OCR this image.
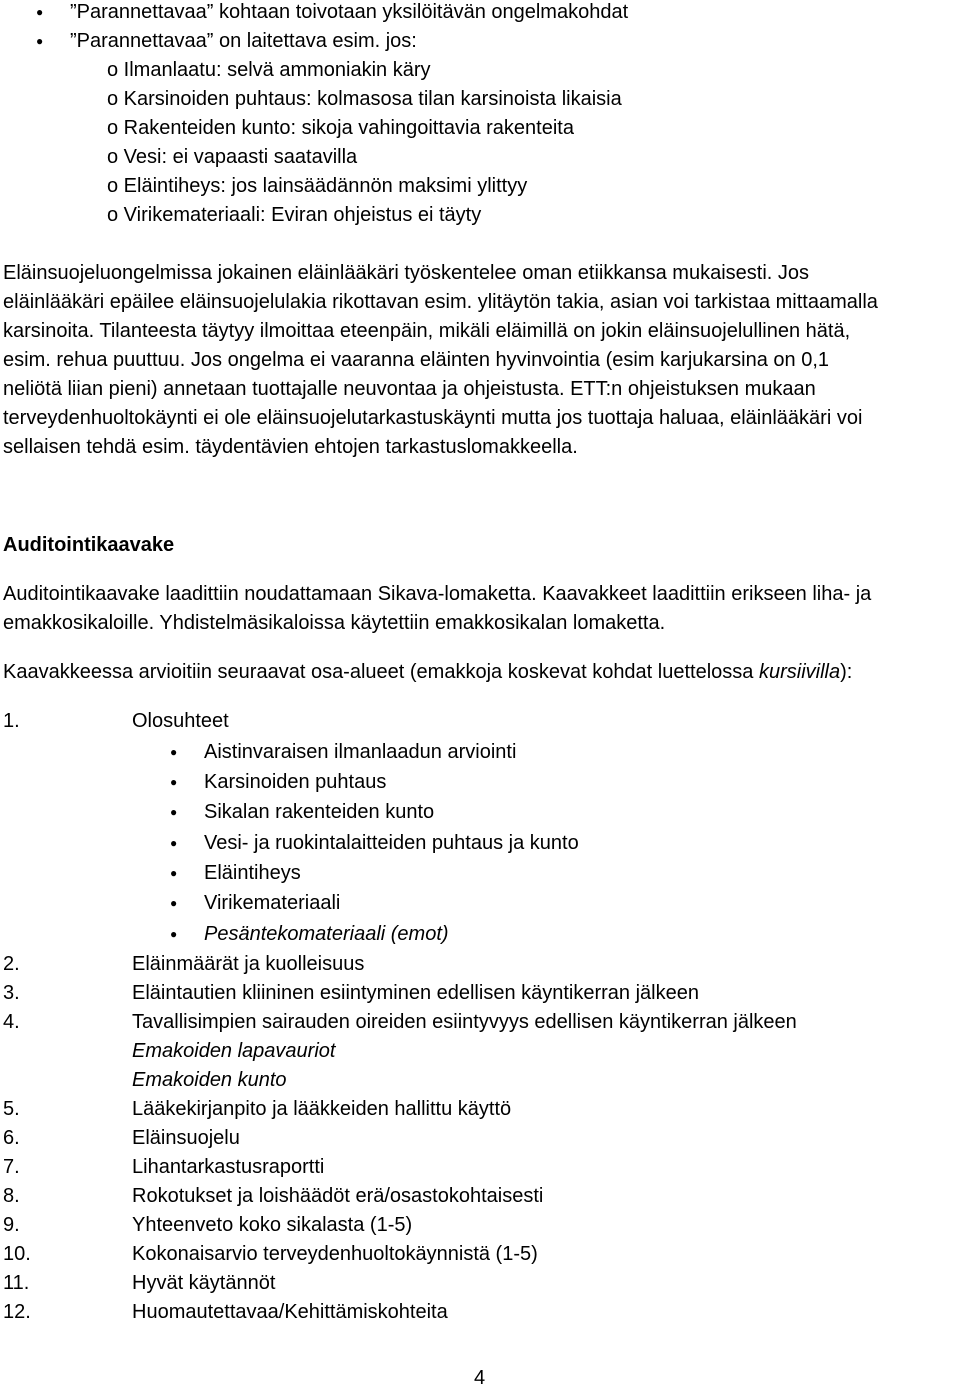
● ”Parannettavaa” kohtaan toivotaan yksilöitävän ongelmakohdat
● ”Parannettavaa” on laitettava esim. jos:
o Ilmanlaatu: selvä ammoniakin käry
o Karsinoiden puhtaus: kolmasosa tilan karsinoista likaisia
o Rakenteiden kunto: sikoja vahingoittavia rakenteita
o Vesi: ei vapaasti saatavilla
o Eläintiheys: jos lainsäädännön maksimi ylittyy
o Virikemateriaali: Eviran ohjeistus ei täyty
Eläinsuojeluongelmissa jokainen eläinlääkäri työskentelee oman etiikkansa mukaisesti. Jos
eläinlääkäri epäilee eläinsuojelulakia rikottavan esim. ylitäytön takia, asian voi tarkistaa mittaamalla
karsinoita. Tilanteesta täytyy ilmoittaa eteenpäin, mikäli eläimillä on jokin eläinsuojelullinen hätä,
esim. rehua puuttuu. Jos ongelma ei vaaranna eläinten hyvinvointia (esim karjukarsina on 0,1
neliötä liian pieni) annetaan tuottajalle neuvontaa ja ohjeistusta. ETT:n ohjeistuksen mukaan
terveydenhuoltokäynti ei ole eläinsuojelutarkastuskäynti mutta jos tuottaja haluaa, eläinlääkäri voi
sellaisen tehdä esim. täydentävien ehtojen tarkastuslomakkeella.
Auditointikaavake
Auditointikaavake laadittiin noudattamaan Sikava-lomaketta. Kaavakkeet laadittiin erikseen liha- ja
emakkosikaloille. Yhdistelmäsikaloissa käytettiin emakkosikalan lomaketta.
Kaavakkeessa arvioitiin seuraavat osa-alueet (emakkoja koskevat kohdat luettelossa kursiivilla):
1.	Olosuhteet
● Aistinvaraisen ilmanlaadun arviointi
● Karsinoiden puhtaus
● Sikalan rakenteiden kunto
● Vesi- ja ruokintalaitteiden puhtaus ja kunto
● Eläintiheys
● Virikemateriaali
● Pesäntekomateriaali (emot)
2.	Eläinmäärät ja kuolleisuus
3.	Eläintautien kliininen esiintyminen edellisen käyntikerran jälkeen
4.	Tavallisimpien sairauden oireiden esiintyvyys edellisen käyntikerran jälkeen
Emakoiden lapavauriot
Emakoiden kunto
5.	Lääkekirjanpito ja lääkkeiden hallittu käyttö
6.	Eläinsuojelu
7.	Lihantarkastusraportti
8.	Rokotukset ja loishäädöt erä/osastokohtaisesti
9.	Yhteenveto koko sikalasta (1-5)
10.	Kokonaisarvio terveydenhuoltokäynnistä (1-5)
11.	Hyvät käytännöt
12.	Huomautettavaa/Kehittämiskohteita
4
